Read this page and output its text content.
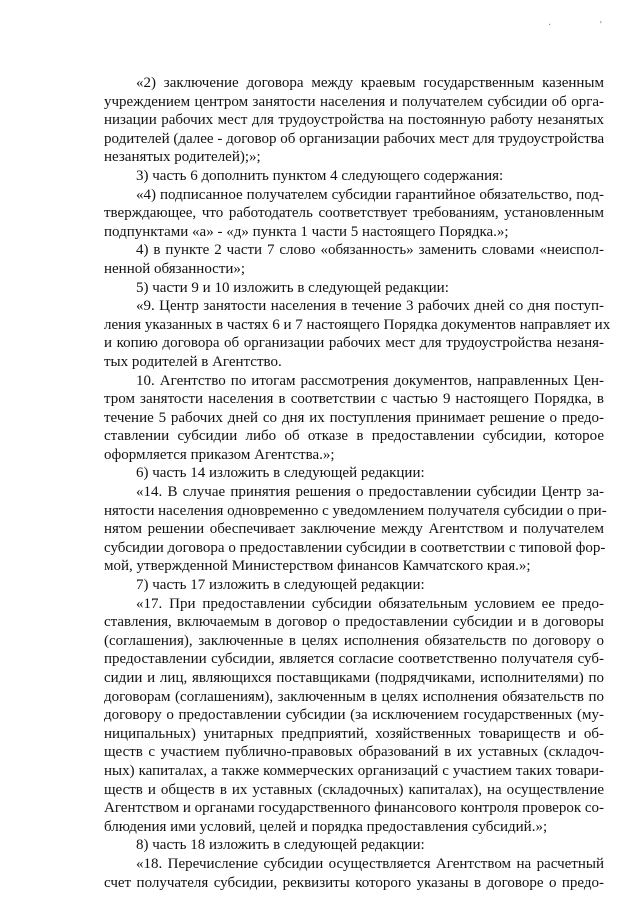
·	'
«2) заключение договора между краевым государственным казенным
учреждением центром занятости населения и получателем субсидии об орга-
низации рабочих мест для трудоустройства на постоянную работу незанятых
родителей (далее - договор об организации рабочих мест для трудоустройства
незанятых родителей);»;
3) часть 6 дополнить пунктом 4 следующего содержания:
«4) подписанное получателем субсидии гарантийное обязательство, под-
тверждающее, что работодатель соответствует требованиям, установленным
подпунктами «а» - «д» пункта 1 части 5 настоящего Порядка.»;
4) в пункте 2 части 7 слово «обязанность» заменить словами «неиспол-
ненной обязанности»;
5) части 9 и 10 изложить в следующей редакции:
«9. Центр занятости населения в течение 3 рабочих дней со дня поступ-
ления указанных в частях 6 и 7 настоящего Порядка документов направляет их
и копию договора об организации рабочих мест для трудоустройства незаня-
тых родителей в Агентство.
10. Агентство по итогам рассмотрения документов, направленных Цен-
тром занятости населения в соответствии с частью 9 настоящего Порядка, в
течение 5 рабочих дней со дня их поступления принимает решение о предо-
ставлении субсидии либо об отказе в предоставлении субсидии, которое
оформляется приказом Агентства.»;
6) часть 14 изложить в следующей редакции:
«14. В случае принятия решения о предоставлении субсидии Центр за-
нятости населения одновременно с уведомлением получателя субсидии о при-
нятом решении обеспечивает заключение между Агентством и получателем
субсидии договора о предоставлении субсидии в соответствии с типовой фор-
мой, утвержденной Министерством финансов Камчатского края.»;
7) часть 17 изложить в следующей редакции:
«17. При предоставлении субсидии обязательным условием ее предо-
ставления, включаемым в договор о предоставлении субсидии и в договоры
(соглашения), заключенные в целях исполнения обязательств по договору о
предоставлении субсидии, является согласие соответственно получателя суб-
сидии и лиц, являющихся поставщиками (подрядчиками, исполнителями) по
договорам (соглашениям), заключенным в целях исполнения обязательств по
договору о предоставлении субсидии (за исключением государственных (му-
ниципальных) унитарных предприятий, хозяйственных товариществ и об-
ществ с участием публично-правовых образований в их уставных (складоч-
ных) капиталах, а также коммерческих организаций с участием таких товари-
ществ и обществ в их уставных (складочных) капиталах), на осуществление
Агентством и органами государственного финансового контроля проверок со-
блюдения ими условий, целей и порядка предоставления субсидий.»;
8) часть 18 изложить в следующей редакции:
«18. Перечисление субсидии осуществляется Агентством на расчетный
счет получателя субсидии, реквизиты которого указаны в договоре о предо-
